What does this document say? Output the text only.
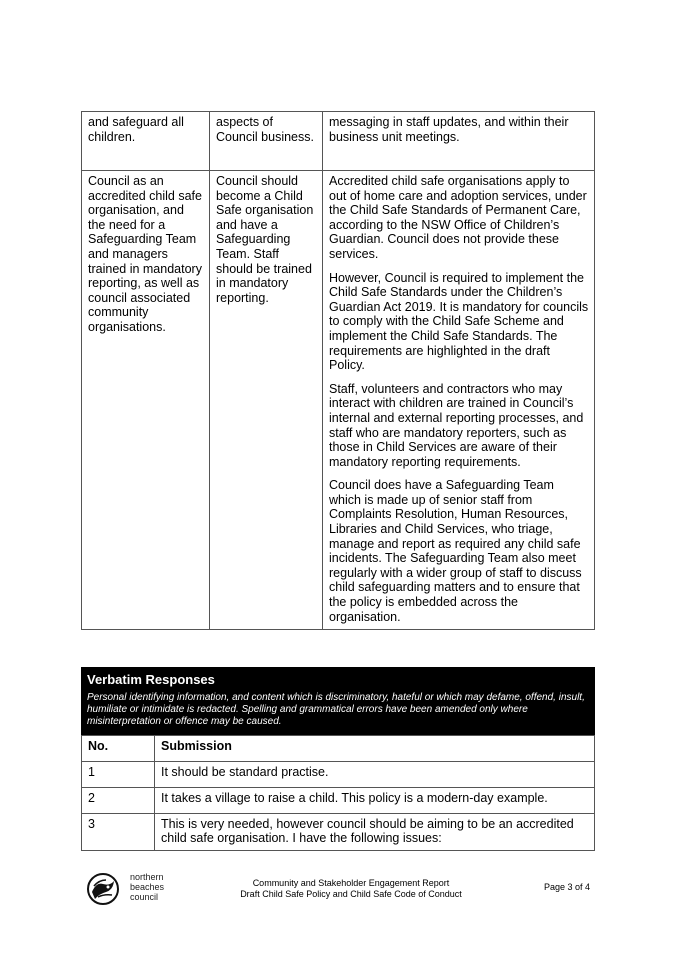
and safeguard all children.	aspects of Council business.	messaging in staff updates, and within their business unit meetings.
Council as an accredited child safe organisation, and the need for a Safeguarding Team and managers trained in mandatory reporting, as well as council associated community organisations.	Council should become a Child Safe organisation and have a Safeguarding Team. Staff should be trained in mandatory reporting.	Accredited child safe organisations apply to out of home care and adoption services, under the Child Safe Standards of Permanent Care, according to the NSW Office of Children’s Guardian. Council does not provide these services.

However, Council is required to implement the Child Safe Standards under the Children’s Guardian Act 2019. It is mandatory for councils to comply with the Child Safe Scheme and implement the Child Safe Standards. The requirements are highlighted in the draft Policy.

Staff, volunteers and contractors who may interact with children are trained in Council’s internal and external reporting processes, and staff who are mandatory reporters, such as those in Child Services are aware of their mandatory reporting requirements.

Council does have a Safeguarding Team which is made up of senior staff from Complaints Resolution, Human Resources, Libraries and Child Services, who triage, manage and report as required any child safe incidents. The Safeguarding Team also meet regularly with a wider group of staff to discuss child safeguarding matters and to ensure that the policy is embedded across the organisation.

Verbatim Responses
Personal identifying information, and content which is discriminatory, hateful or which may defame, offend, insult, humiliate or intimidate is redacted. Spelling and grammatical errors have been amended only where misinterpretation or offence may be caused.
No.	Submission
1	It should be standard practise.
2	It takes a village to raise a child. This policy is a modern-day example.
3	This is very needed, however council should be aiming to be an accredited child safe organisation. I have the following issues:
northern
beaches
council
Community and Stakeholder Engagement Report
Draft Child Safe Policy and Child Safe Code of Conduct
Page 3 of 4
